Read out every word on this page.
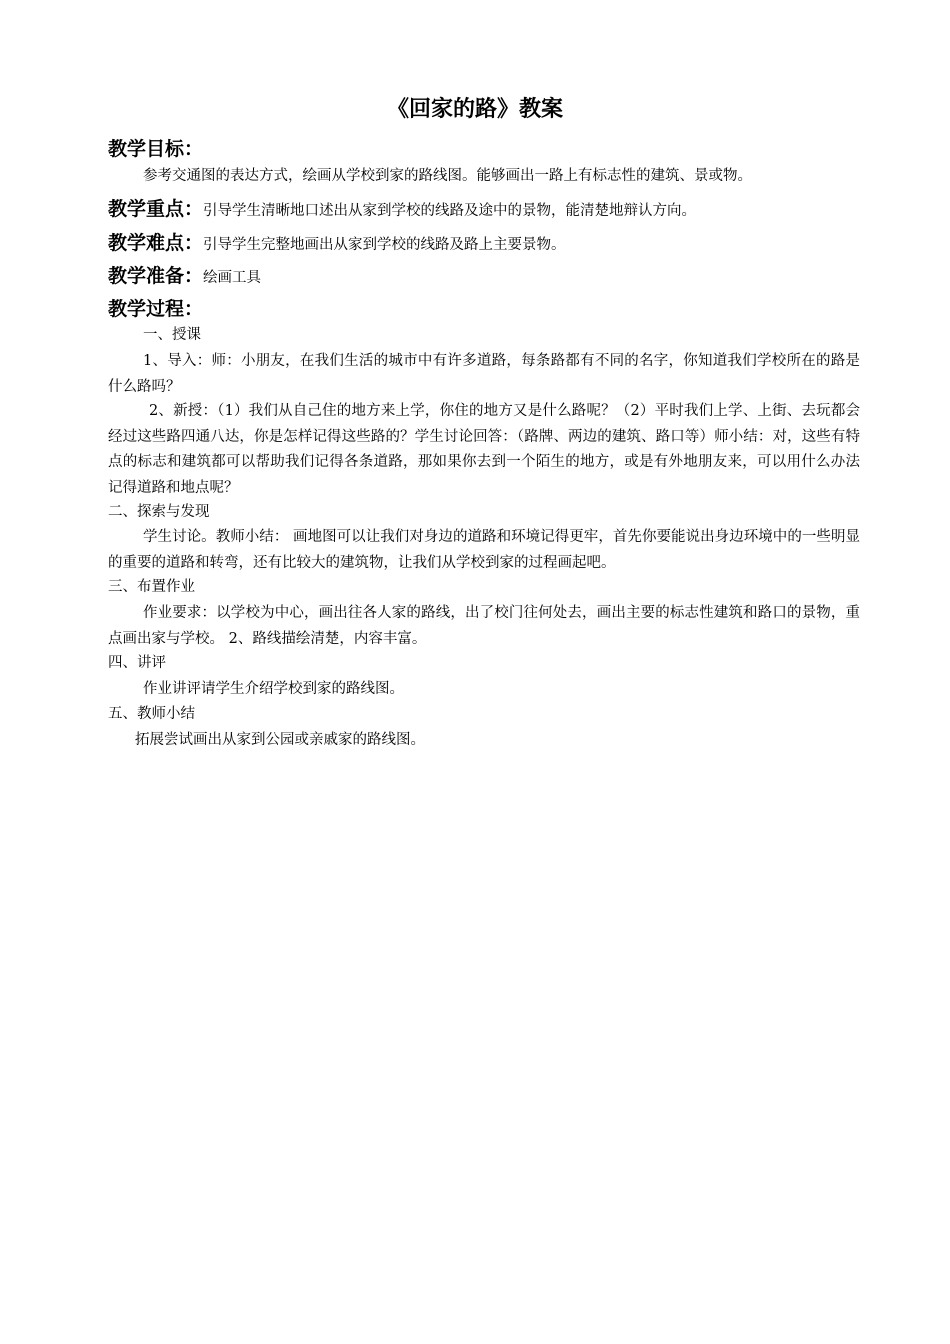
《回家的路》教案
教学目标：
参考交通图的表达方式，绘画从学校到家的路线图。能够画出一路上有标志性的建筑、景或物。
教学重点：引导学生清晰地口述出从家到学校的线路及途中的景物，能清楚地辩认方向。
教学难点：引导学生完整地画出从家到学校的线路及路上主要景物。
教学准备：绘画工具
教学过程：
一、授课
1、导入：师：小朋友，在我们生活的城市中有许多道路，每条路都有不同的名字，你知道我们学校所在的路是什么路吗？
2、新授：（1）我们从自己住的地方来上学，你住的地方又是什么路呢？（2）平时我们上学、上街、去玩都会经过这些路四通八达，你是怎样记得这些路的？学生讨论回答：（路牌、两边的建筑、路口等）师小结：对，这些有特点的标志和建筑都可以帮助我们记得各条道路，那如果你去到一个陌生的地方，或是有外地朋友来，可以用什么办法记得道路和地点呢？
二、探索与发现
学生讨论。教师小结： 画地图可以让我们对身边的道路和环境记得更牢，首先你要能说出身边环境中的一些明显的重要的道路和转弯，还有比较大的建筑物，让我们从学校到家的过程画起吧。
三、布置作业
作业要求：以学校为中心，画出往各人家的路线，出了校门往何处去，画出主要的标志性建筑和路口的景物，重点画出家与学校。 2、路线描绘清楚，内容丰富。
四、讲评
作业讲评请学生介绍学校到家的路线图。
五、教师小结
拓展尝试画出从家到公园或亲戚家的路线图。
